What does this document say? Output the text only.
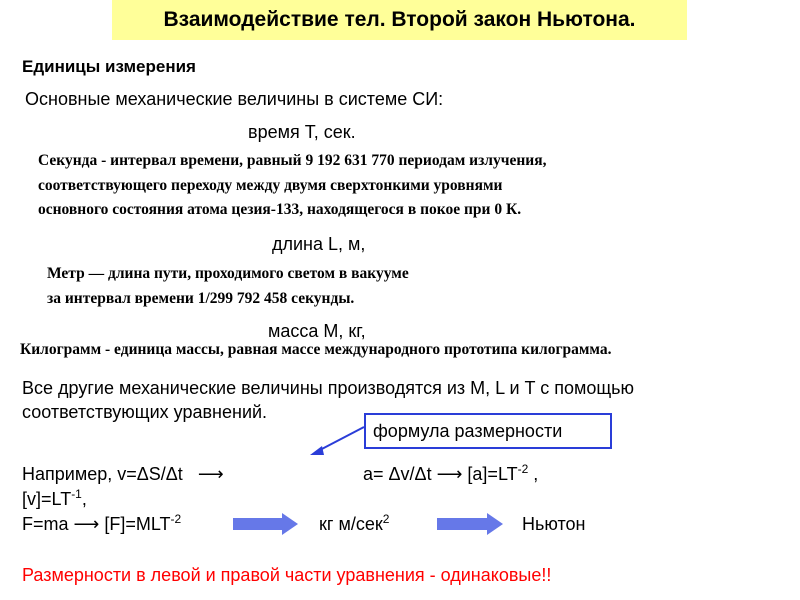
Взаимодействие тел. Второй закон Ньютона.
Единицы измерения
Основные механические величины в системе СИ:
время T, сек.
Секунда - интервал времени, равный 9 192 631 770 периодам излучения,
соответствующего переходу между двумя сверхтонкими уровнями
основного состояния атома цезия-133, находящегося в покое при 0 К.
длина L, м,
Метр — длина пути, проходимого светом в вакууме
за интервал времени 1/299 792 458 секунды.
масса M, кг,
Килограмм - единица массы, равная массе международного прототипа килограмма.
Все другие механические величины производятся из M, L и T с помощью
соответствующих уравнений.
формула размерности
Например, v=ΔS/Δt ⟶	a= Δv/Δt ⟶ $[a]=LT^{-2}$ ,
$[v]=LT^{-1}$,
F=ma ⟶ $[F]=MLT^{-2}$	кг м/сек$^2$	Ньютон
Размерности в левой и правой части уравнения - одинаковые!!
